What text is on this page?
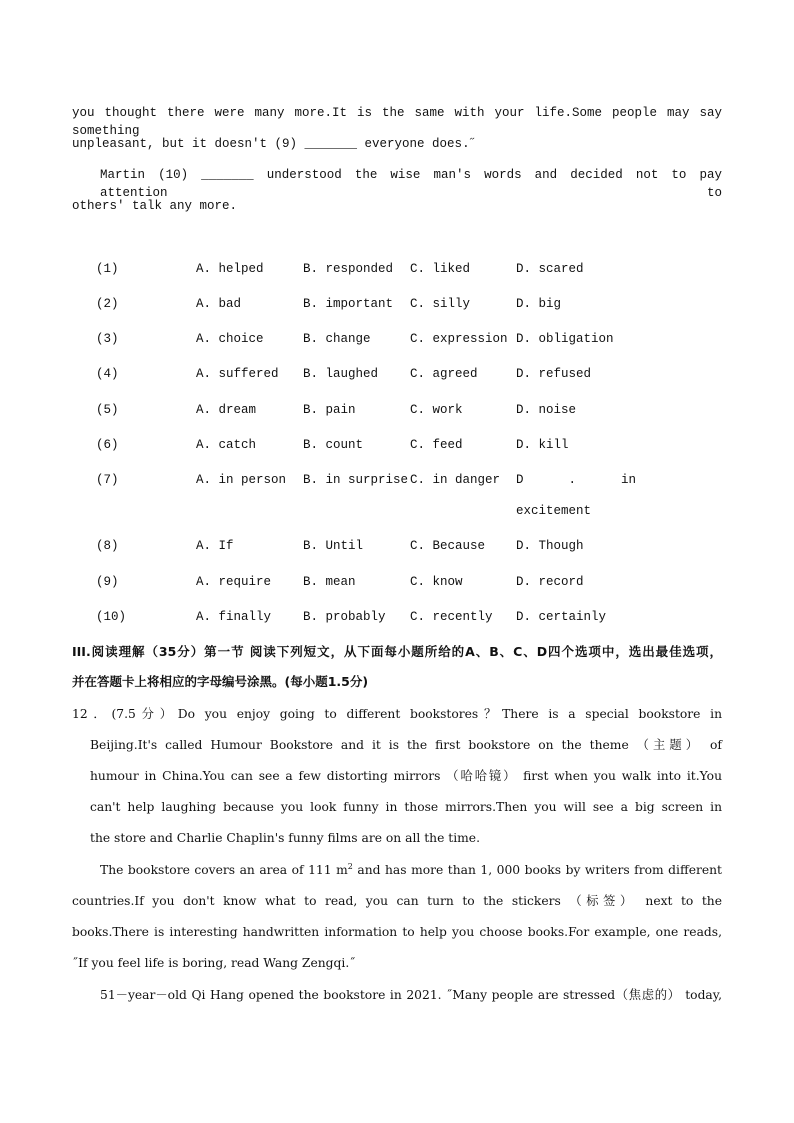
you thought there were many more.It is the same with your life.Some people may say something
unpleasant, but it doesn't (9) _______ everyone does.˝
Martin (10) _______ understood the wise man's words and decided not to pay attention to
others' talk any more.
(1)	A. helped	B. responded C. liked	D. scared
(2)	A. bad	B. important C. silly	D. big
(3)	A. choice	B. change	C. expression D. obligation
(4)	A. suffered B. laughed	C. agreed	D. refused
(5)	A. dream	B. pain	C. work	D. noise
(6)	A. catch	B. count	C. feed	D. kill
(7)	A. in person B. in surprise C. in danger D      .      in
excitement
(8)	A. If	B. Until	C. Because D. Though
(9)	A. require	B. mean	C. know	D. record
(10)	A. finally	B. probably C. recently D. certainly
III.阅读理解（35分）第一节 阅读下列短文，从下面每小题所给的A、B、C、D四个选项中，选出最佳选项，
并在答题卡上将相应的字母编号涂黑。(每小题1.5分)
12．(7.5分）Do you enjoy going to different bookstores？There is a special bookstore in
Beijing.It's called Humour Bookstore and it is the first bookstore on the theme （主题） of
humour in China.You can see a few distorting mirrors （哈哈镜） first when you walk into it.You
can't help laughing because you look funny in those mirrors.Then you will see a big screen in
the store and Charlie Chaplin's funny films are on all the time.
The bookstore covers an area of 111 $m^2$ and has more than 1, 000 books by writers from different
countries.If you don't know what to read, you can turn to the stickers （标签） next to the
books.There is interesting handwritten information to help you choose books.For example, one reads,
˝If you feel life is boring, read Wang Zengqi.˝
51－year－old Qi Hang opened the bookstore in 2021. ˝Many people are stressed（焦虑的） today,
